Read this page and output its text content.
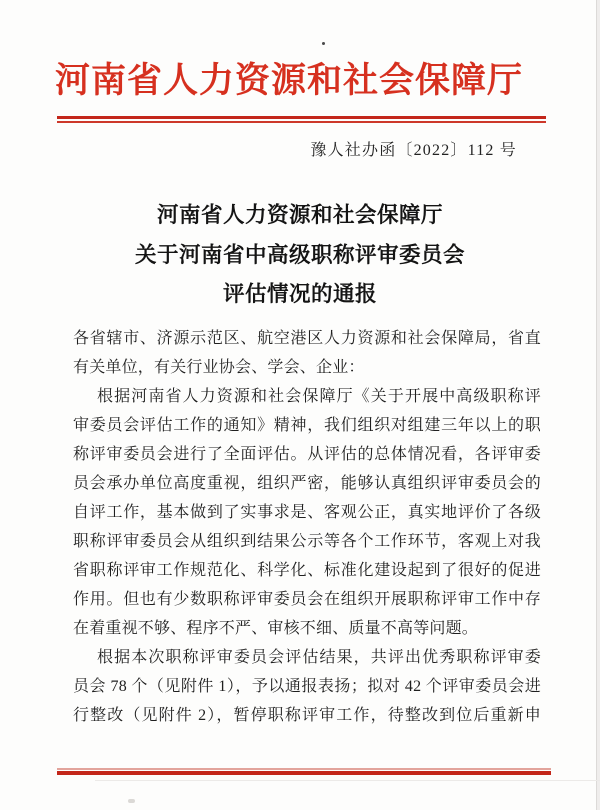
河南省人力资源和社会保障厅
豫人社办函〔2022〕112 号
河南省人力资源和社会保障厅
关于河南省中高级职称评审委员会
评估情况的通报
各省辖市、济源示范区、航空港区人力资源和社会保障局，省直
有关单位，有关行业协会、学会、企业：
根据河南省人力资源和社会保障厅《关于开展中高级职称评
审委员会评估工作的通知》精神，我们组织对组建三年以上的职
称评审委员会进行了全面评估。从评估的总体情况看，各评审委
员会承办单位高度重视，组织严密，能够认真组织评审委员会的
自评工作，基本做到了实事求是、客观公正，真实地评价了各级
职称评审委员会从组织到结果公示等各个工作环节，客观上对我
省职称评审工作规范化、科学化、标准化建设起到了很好的促进
作用。但也有少数职称评审委员会在组织开展职称评审工作中存
在着重视不够、程序不严、审核不细、质量不高等问题。
根据本次职称评审委员会评估结果，共评出优秀职称评审委
员会 78 个（见附件 1），予以通报表扬；拟对 42 个评审委员会进
行整改（见附件 2），暂停职称评审工作，待整改到位后重新申
